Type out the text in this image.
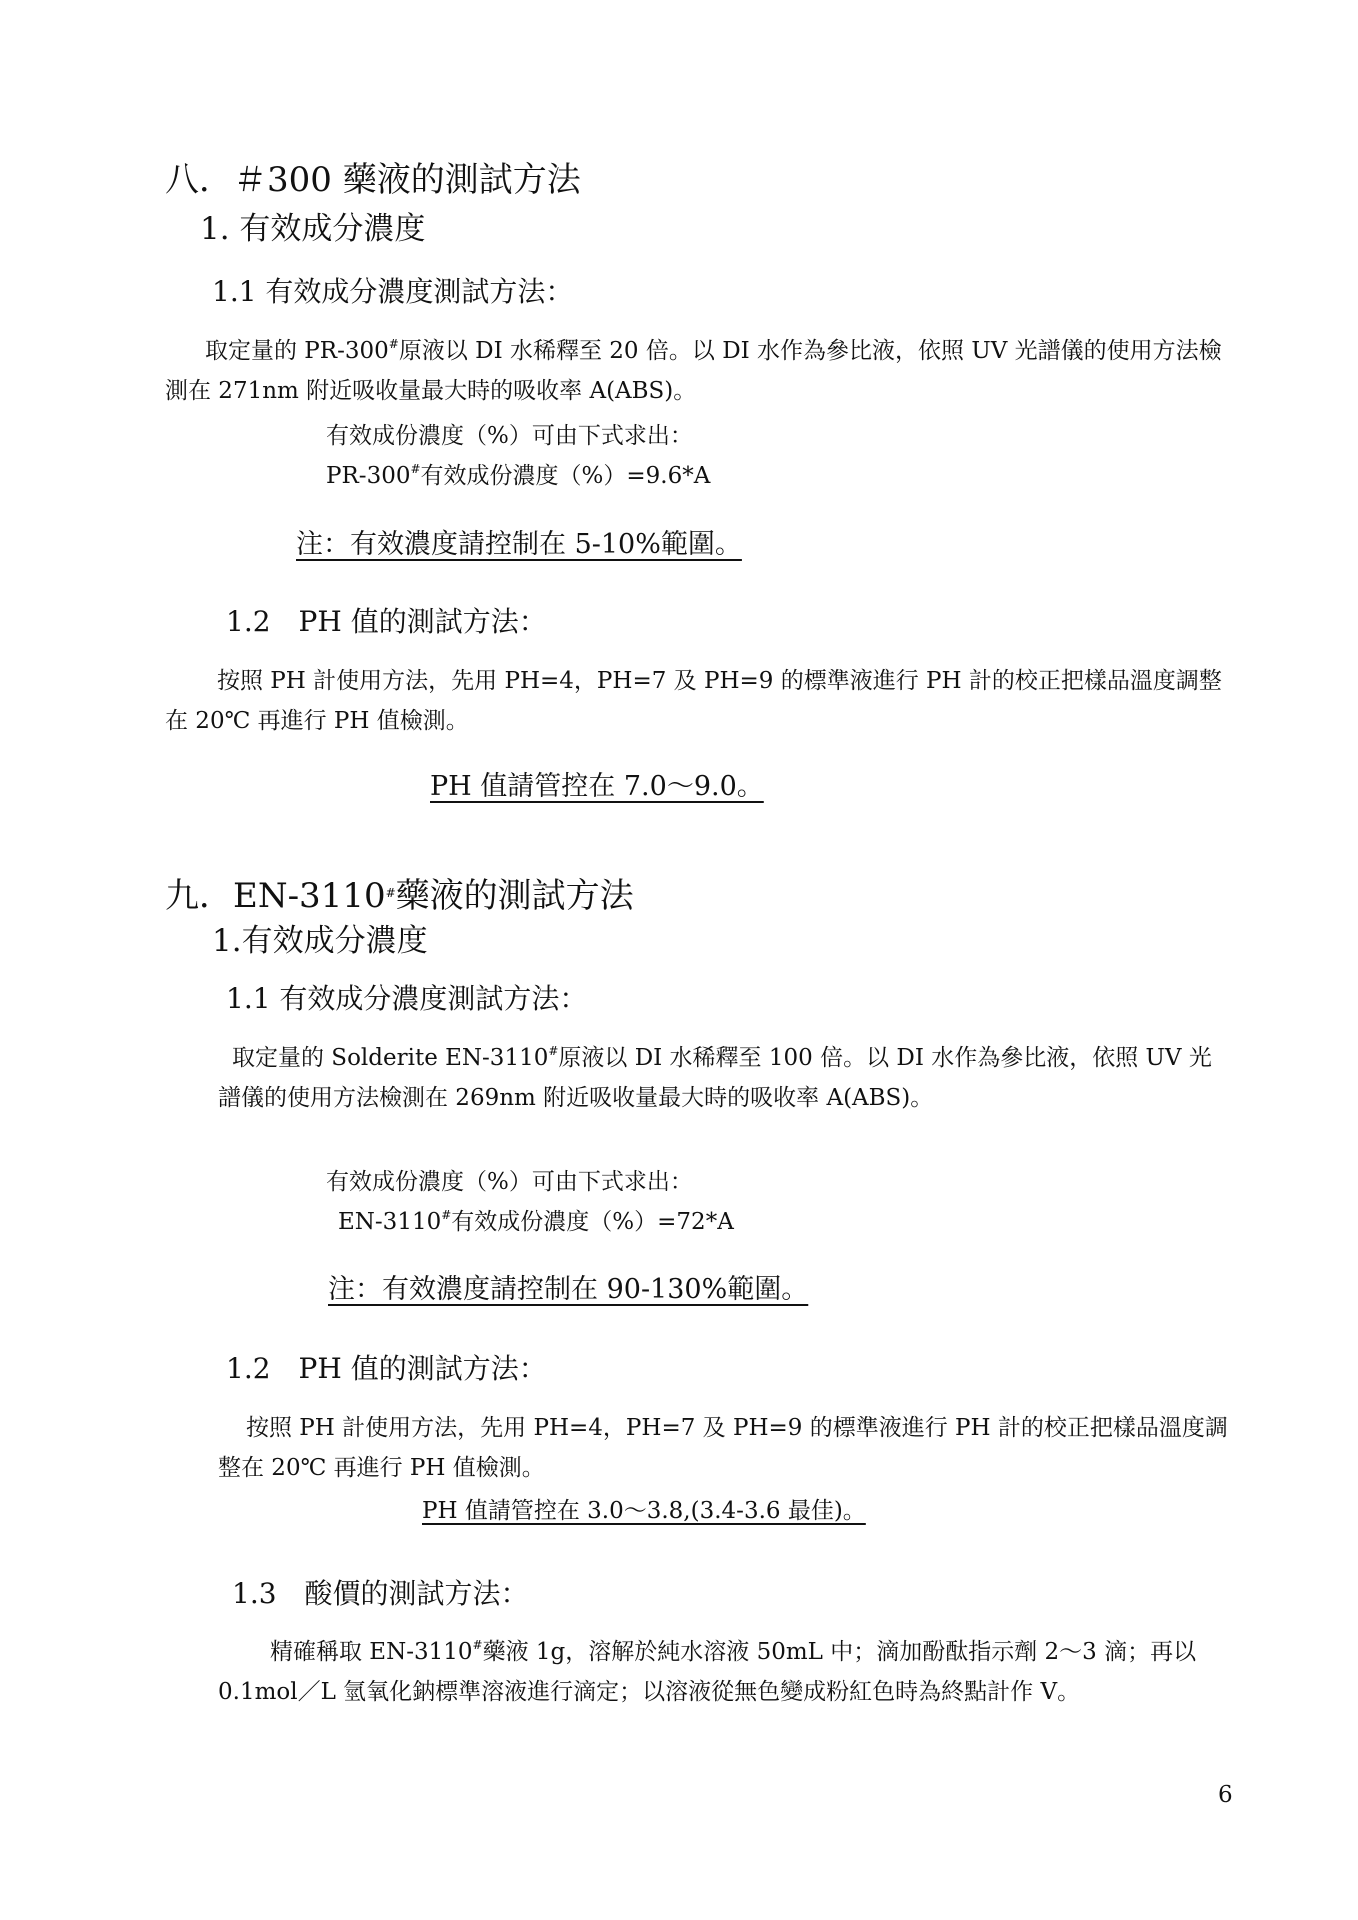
八．＃300 藥液的測試方法
1. 有效成分濃度
1.1 有效成分濃度測試方法：
取定量的 PR-300#原液以 DI 水稀釋至 20 倍。以 DI 水作為參比液，依照 UV 光譜儀的使用方法檢測在 271nm 附近吸收量最大時的吸收率 A(ABS)。
有效成份濃度（%）可由下式求出：
PR-300#有效成份濃度（%）=9.6*A
注：有效濃度請控制在 5-10%範圍。
1.2　PH 值的測試方法：
按照 PH 計使用方法，先用 PH=4，PH=7 及 PH=9 的標準液進行 PH 計的校正把樣品溫度調整在 20℃ 再進行 PH 值檢測。
PH 值請管控在 7.0～9.0。
九．EN-3110#藥液的測試方法
1.有效成分濃度
1.1 有效成分濃度測試方法：
取定量的 Solderite EN-3110#原液以 DI 水稀釋至 100 倍。以 DI 水作為參比液，依照 UV 光譜儀的使用方法檢測在 269nm 附近吸收量最大時的吸收率 A(ABS)。
有效成份濃度（%）可由下式求出：
EN-3110#有效成份濃度（%）=72*A
注：有效濃度請控制在 90-130%範圍。
1.2　PH 值的測試方法：
按照 PH 計使用方法，先用 PH=4，PH=7 及 PH=9 的標準液進行 PH 計的校正把樣品溫度調整在 20℃ 再進行 PH 值檢測。
PH 值請管控在 3.0～3.8,(3.4-3.6 最佳)。
1.3　酸價的測試方法：
精確稱取 EN-3110#藥液 1g，溶解於純水溶液 50mL 中；滴加酚酞指示劑 2～3 滴；再以 0.1mol／L 氫氧化鈉標準溶液進行滴定；以溶液從無色變成粉紅色時為終點計作 V。
6
